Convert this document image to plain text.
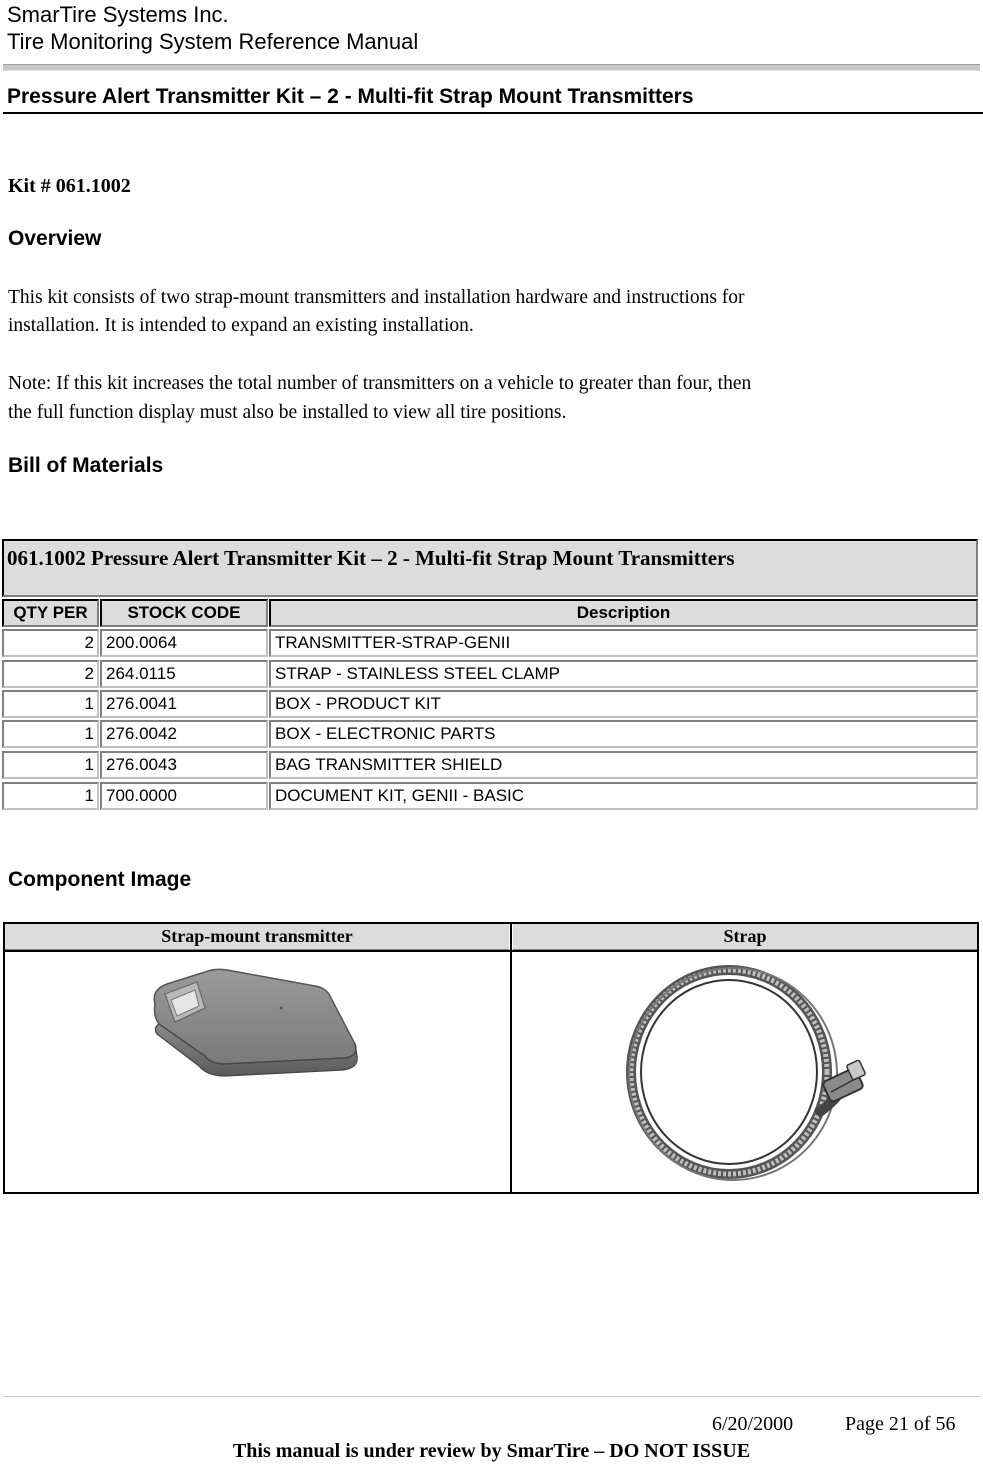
SmarTire Systems Inc.
Tire Monitoring System Reference Manual
Pressure Alert Transmitter Kit – 2 - Multi-fit Strap Mount Transmitters
Kit # 061.1002
Overview
This kit consists of two strap-mount transmitters and installation hardware and instructions for
installation. It is intended to expand an existing installation.
Note: If this kit increases the total number of transmitters on a vehicle to greater than four, then
the full function display must also be installed to view all tire positions.
Bill of Materials
061.1002 Pressure Alert Transmitter Kit – 2 - Multi-fit Strap Mount Transmitters
QTY PER	STOCK CODE	Description
2 200.0064	TRANSMITTER-STRAP-GENII
2 264.0115	STRAP - STAINLESS STEEL CLAMP
1 276.0041	BOX - PRODUCT KIT
1 276.0042	BOX - ELECTRONIC PARTS
1 276.0043	BAG TRANSMITTER SHIELD
1 700.0000	DOCUMENT KIT, GENII - BASIC
Component Image
Strap-mount transmitter	Strap
6/20/2000	Page 21 of 56
This manual is under review by SmarTire – DO NOT ISSUE
